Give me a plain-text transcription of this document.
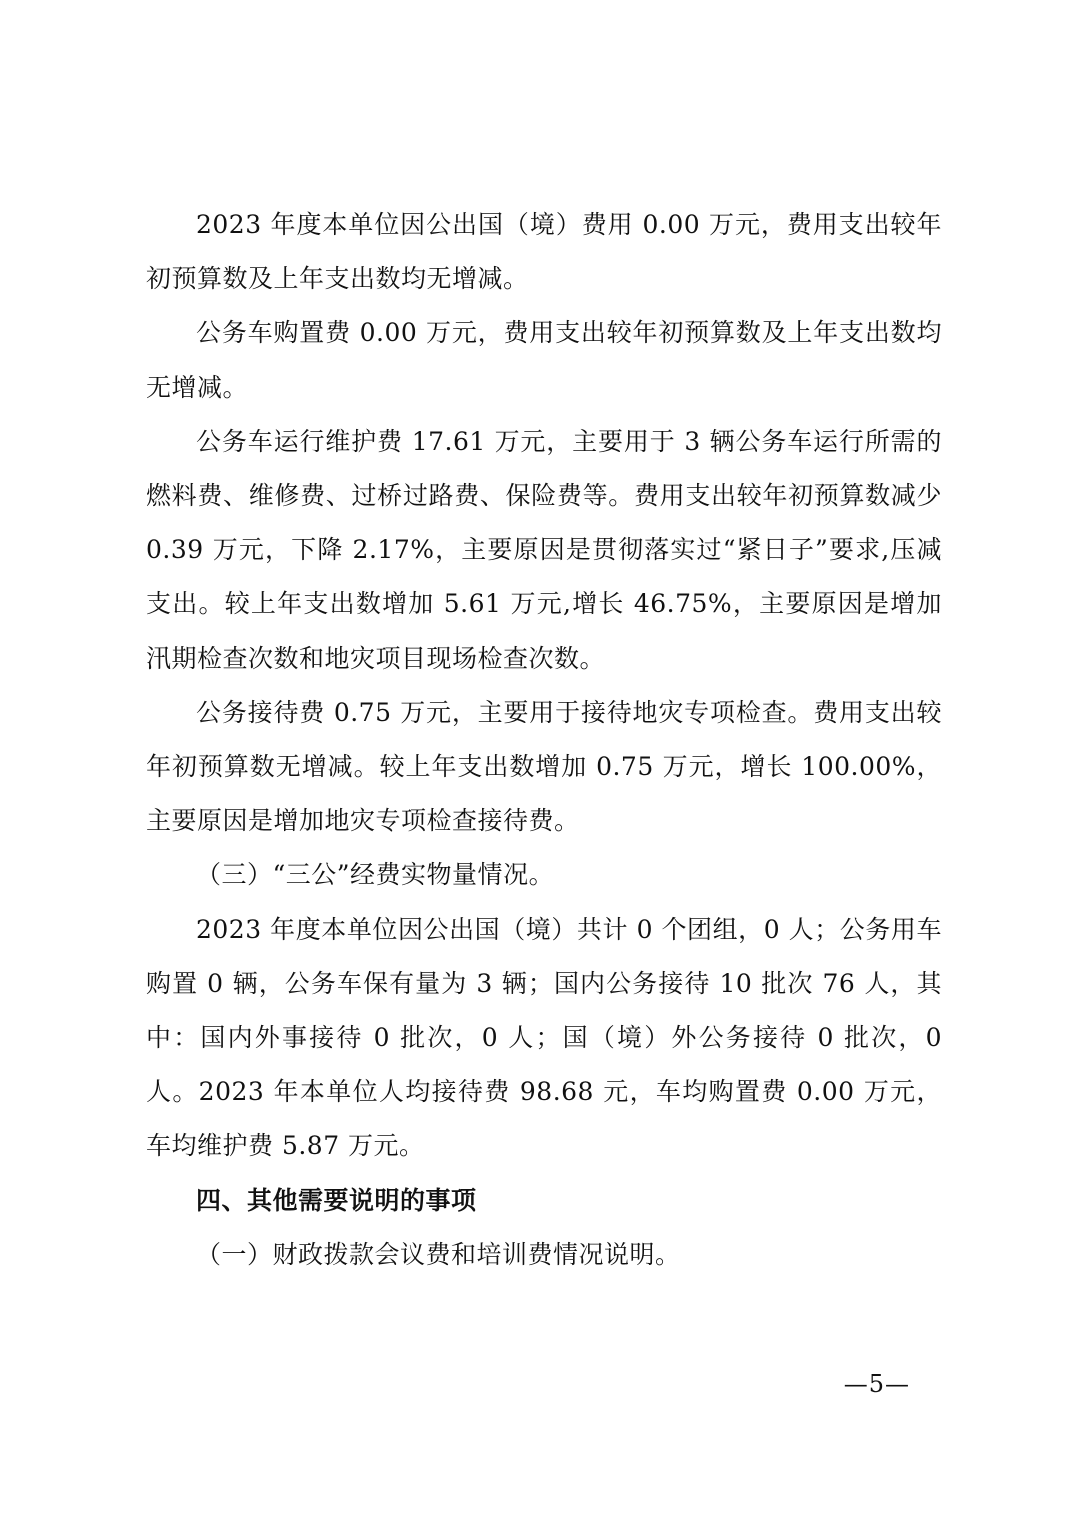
2023 年度本单位因公出国（境）费用 0.00 万元，费用支出较年初预算数及上年支出数均无增减。

公务车购置费 0.00 万元，费用支出较年初预算数及上年支出数均无增减。

公务车运行维护费 17.61 万元，主要用于 3 辆公务车运行所需的燃料费、维修费、过桥过路费、保险费等。费用支出较年初预算数减少 0.39 万元，下降 2.17%，主要原因是贯彻落实过“紧日子”要求,压减支出。较上年支出数增加 5.61 万元,增长 46.75%，主要原因是增加汛期检查次数和地灾项目现场检查次数。

公务接待费 0.75 万元，主要用于接待地灾专项检查。费用支出较年初预算数无增减。较上年支出数增加 0.75 万元，增长 100.00%，主要原因是增加地灾专项检查接待费。

（三）“三公”经费实物量情况。

2023 年度本单位因公出国（境）共计 0 个团组，0 人；公务用车购置 0 辆，公务车保有量为 3 辆；国内公务接待 10 批次 76 人，其中：国内外事接待 0 批次，0 人；国（境）外公务接待 0 批次，0 人。2023 年本单位人均接待费 98.68 元，车均购置费 0.00 万元，车均维护费 5.87 万元。

四、其他需要说明的事项

（一）财政拨款会议费和培训费情况说明。

—5—
